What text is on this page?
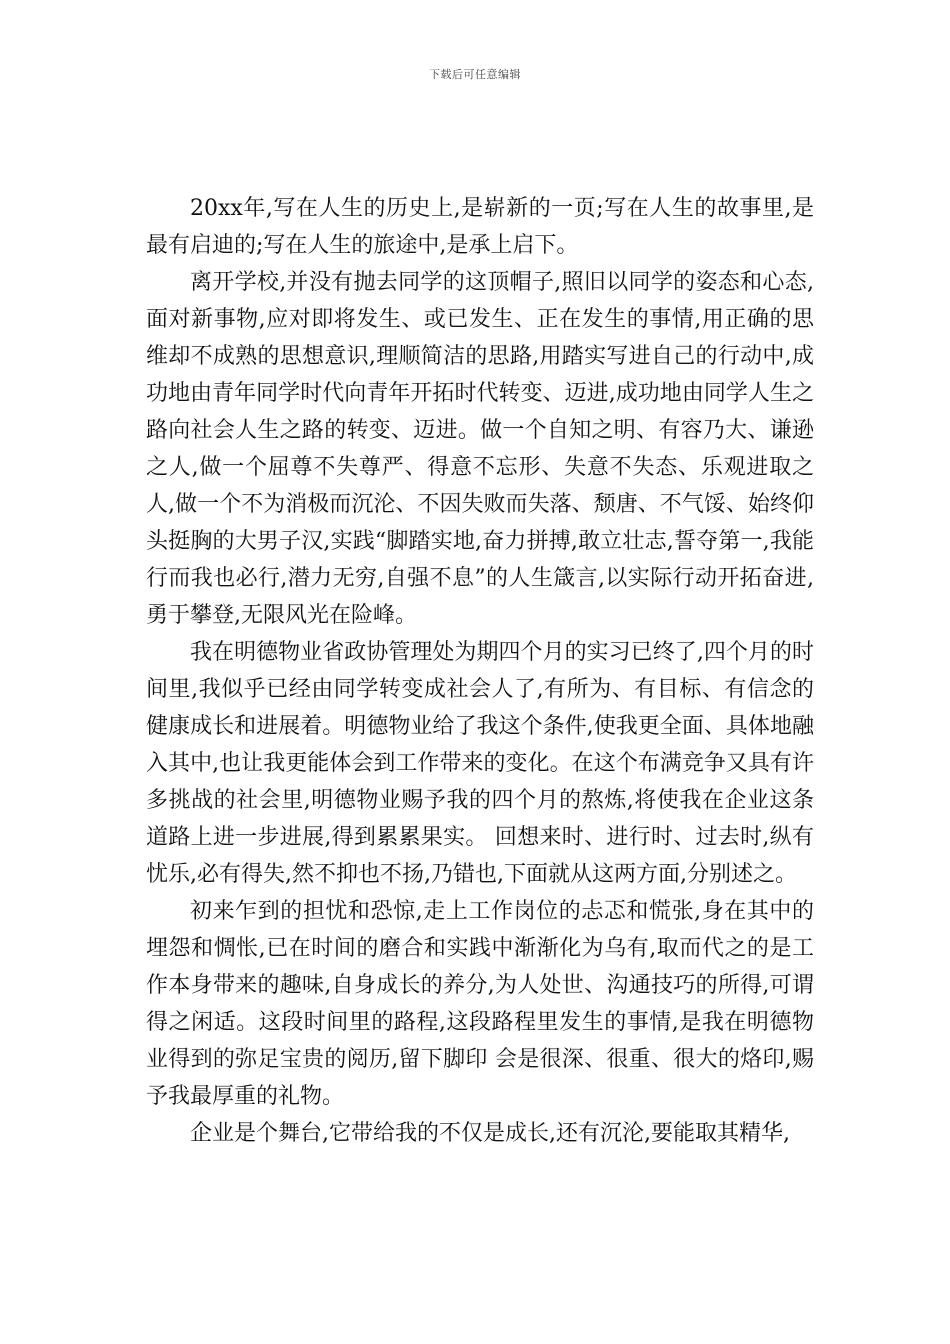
下载后可任意编辑

20xx年,写在人生的历史上,是崭新的一页;写在人生的故事里,是最有启迪的;写在人生的旅途中,是承上启下。

离开学校,并没有抛去同学的这顶帽子,照旧以同学的姿态和心态,面对新事物,应对即将发生、或已发生、正在发生的事情,用正确的思维却不成熟的思想意识,理顺简洁的思路,用踏实写进自己的行动中,成功地由青年同学时代向青年开拓时代转变、迈进,成功地由同学人生之路向社会人生之路的转变、迈进。做一个自知之明、有容乃大、谦逊之人,做一个屈尊不失尊严、得意不忘形、失意不失态、乐观进取之人,做一个不为消极而沉沦、不因失败而失落、颓唐、不气馁、始终仰头挺胸的大男子汉,实践“脚踏实地,奋力拼搏,敢立壮志,誓夺第一,我能行而我也必行,潜力无穷,自强不息”的人生箴言,以实际行动开拓奋进,勇于攀登,无限风光在险峰。

我在明德物业省政协管理处为期四个月的实习已终了,四个月的时间里,我似乎已经由同学转变成社会人了,有所为、有目标、有信念的健康成长和进展着。明德物业给了我这个条件,使我更全面、具体地融入其中,也让我更能体会到工作带来的变化。在这个布满竞争又具有许多挑战的社会里,明德物业赐予我的四个月的熬炼,将使我在企业这条道路上进一步进展,得到累累果实。 回想来时、进行时、过去时,纵有忧乐,必有得失,然不抑也不扬,乃错也,下面就从这两方面,分别述之。

初来乍到的担忧和恐惊,走上工作岗位的忐忑和慌张,身在其中的埋怨和惆怅,已在时间的磨合和实践中渐渐化为乌有,取而代之的是工作本身带来的趣味,自身成长的养分,为人处世、沟通技巧的所得,可谓得之闲适。这段时间里的路程,这段路程里发生的事情,是我在明德物业得到的弥足宝贵的阅历,留下脚印 会是很深、很重、很大的烙印,赐予我最厚重的礼物。

企业是个舞台,它带给我的不仅是成长,还有沉沦,要能取其精华,
